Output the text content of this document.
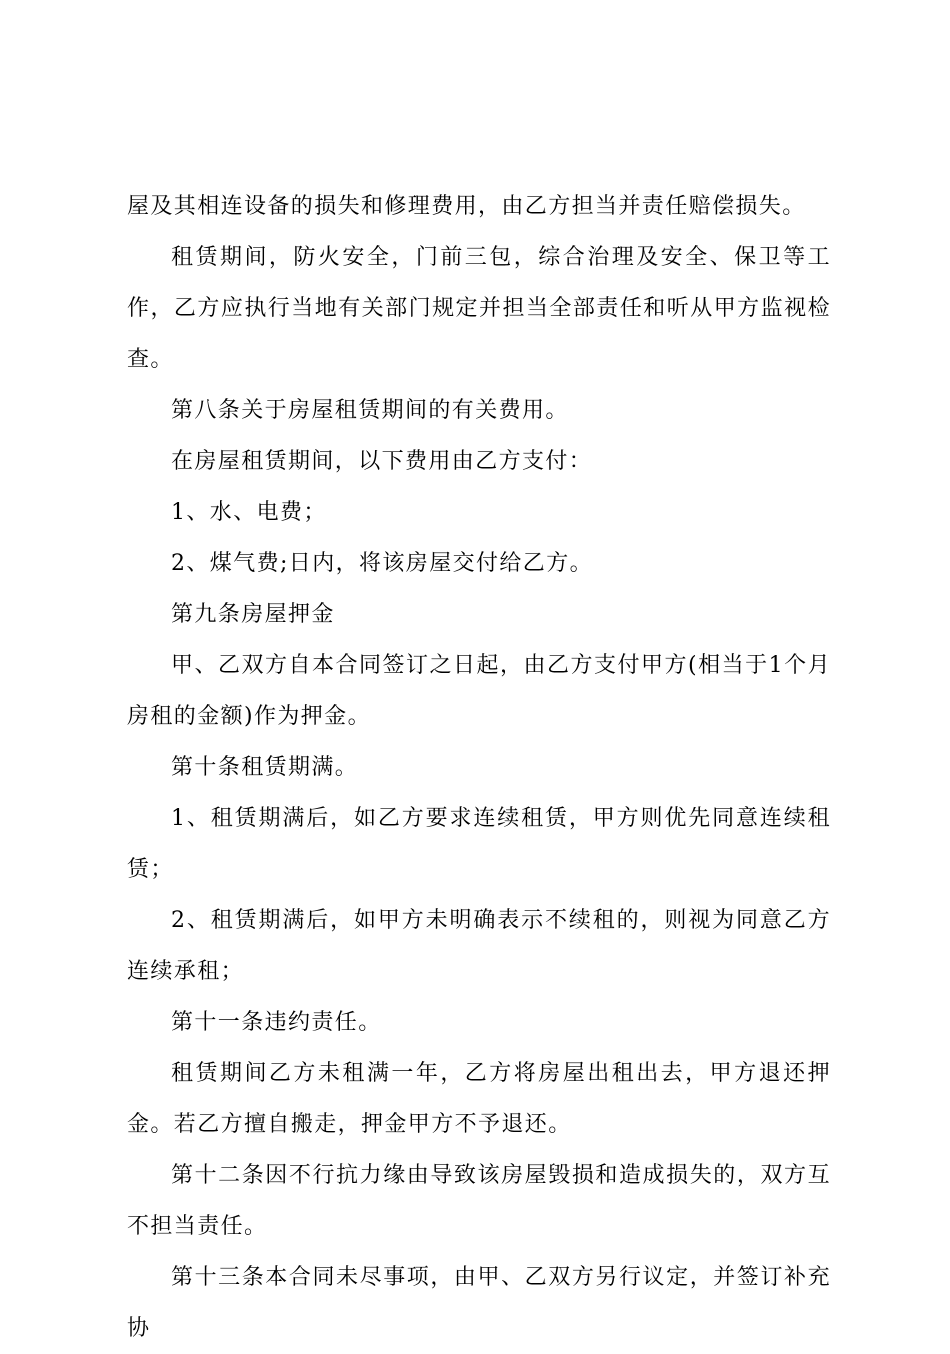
屋及其相连设备的损失和修理费用，由乙方担当并责任赔偿损失。

租赁期间，防火安全，门前三包，综合治理及安全、保卫等工作，乙方应执行当地有关部门规定并担当全部责任和听从甲方监视检查。

第八条关于房屋租赁期间的有关费用。

在房屋租赁期间，以下费用由乙方支付：

1、水、电费；

2、煤气费;日内，将该房屋交付给乙方。

第九条房屋押金

甲、乙双方自本合同签订之日起，由乙方支付甲方(相当于1个月房租的金额)作为押金。

第十条租赁期满。

1、租赁期满后，如乙方要求连续租赁，甲方则优先同意连续租赁；

2、租赁期满后，如甲方未明确表示不续租的，则视为同意乙方连续承租；

第十一条违约责任。

租赁期间乙方未租满一年，乙方将房屋出租出去，甲方退还押金。若乙方擅自搬走，押金甲方不予退还。

第十二条因不行抗力缘由导致该房屋毁损和造成损失的，双方互不担当责任。

第十三条本合同未尽事项，由甲、乙双方另行议定，并签订补充协
